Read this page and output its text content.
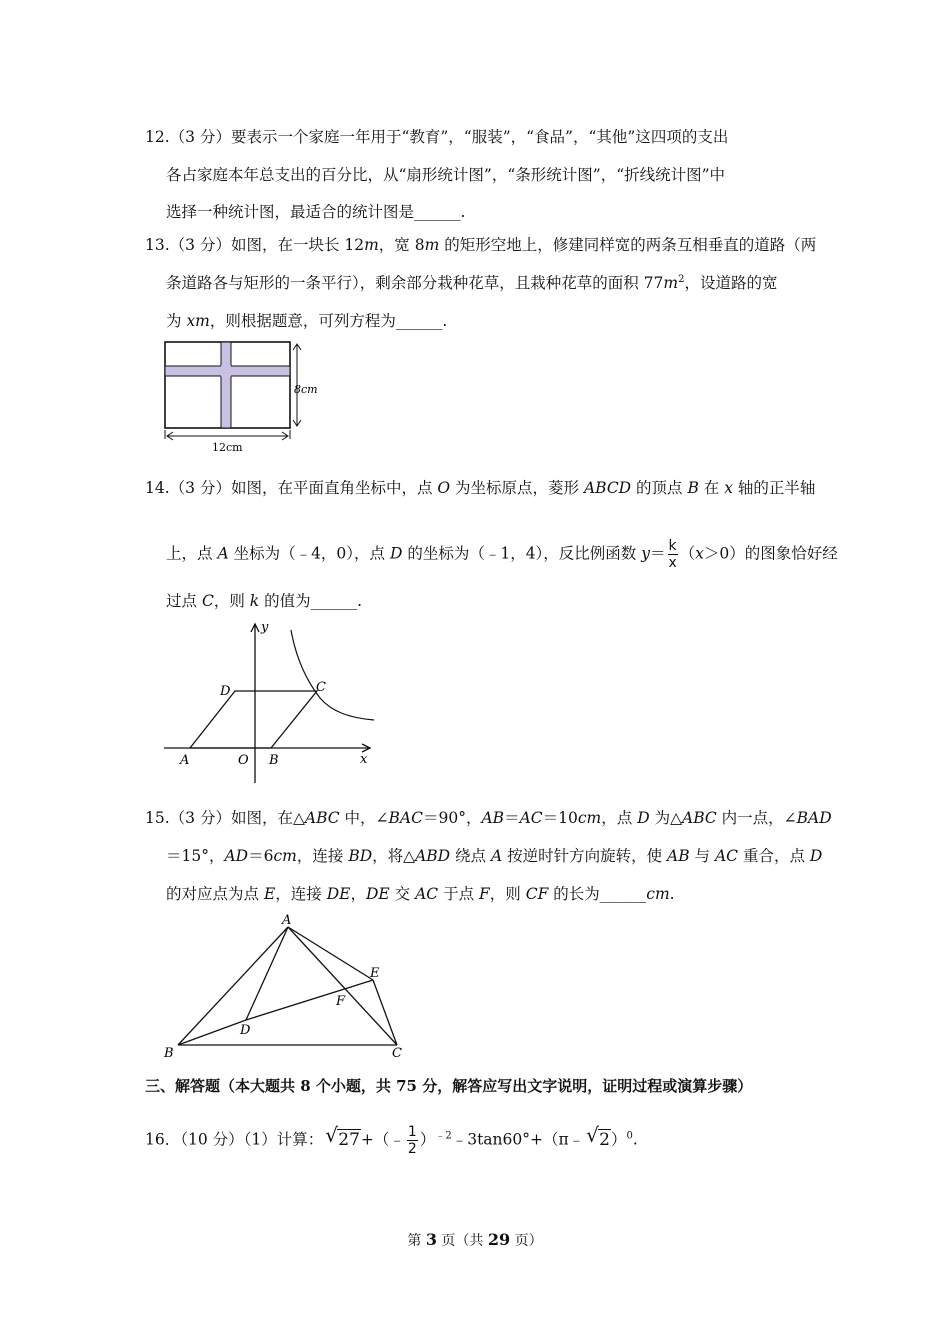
12.（3 分）要表示一个家庭一年用于“教育”，“服装”，“食品”，“其他”这四项的支出
各占家庭本年总支出的百分比，从“扇形统计图”，“条形统计图”，“折线统计图”中
选择一种统计图，最适合的统计图是______.
13.（3 分）如图，在一块长 12m，宽 8m 的矩形空地上，修建同样宽的两条互相垂直的道路（两
条道路各与矩形的一条平行），剩余部分栽种花草，且栽种花草的面积 $77m^2$，设道路的宽
为 xm，则根据题意，可列方程为______.
12cm
8cm
14.（3 分）如图，在平面直角坐标中，点 O 为坐标原点，菱形 ABCD 的顶点 B 在 x 轴的正半轴
上，点 A 坐标为（﹣4，0），点 D 的坐标为（﹣1，4），反比例函数 $y= \frac{k}{x} (x>0)$的图象恰好经
过点 C，则 k 的值为______.
y
x
D	C
A	O B
15.（3 分）如图，在△ABC 中，∠BAC＝90°，AB＝AC＝10cm，点 D 为△ABC 内一点，∠BAD
＝15°，AD＝6cm，连接 BD，将△ABD 绕点 A 按逆时针方向旋转，使 AB 与 AC 重合，点 D
的对应点为点 E，连接 DE，DE 交 AC 于点 F，则 CF 的长为______cm.
A
E
F
D
B	C
三、解答题（本大题共 8 个小题，共 75 分，解答应写出文字说明，证明过程或演算步骤）
16．（10 分）（1）计算： √ 27+（﹣ $\frac{1}{2}$ ）$^{﹣2}$﹣3tan60°+（π﹣ √ 2）$^0$.
第 3 页（共 29 页）
